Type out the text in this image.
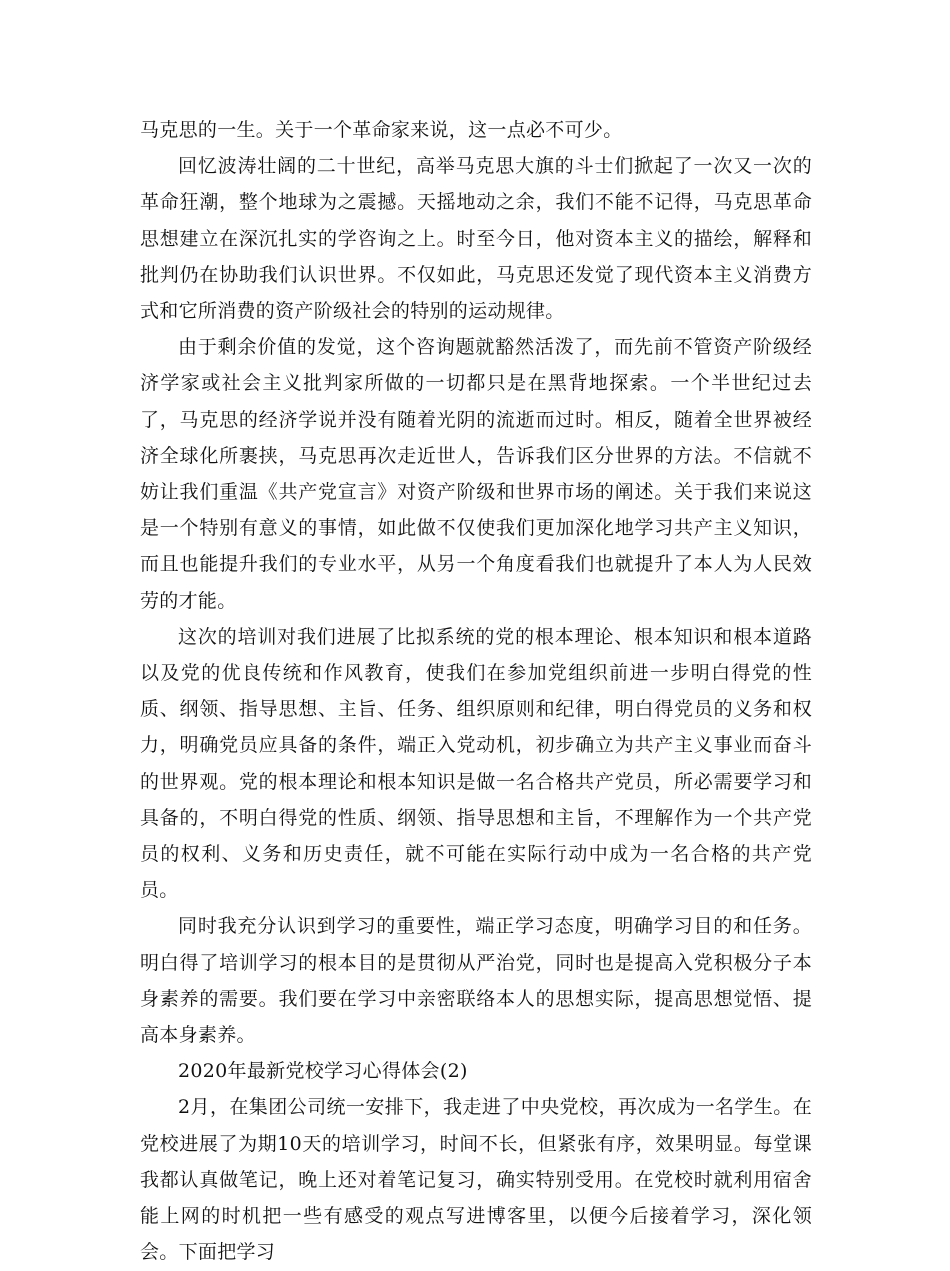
马克思的一生。关于一个革命家来说，这一点必不可少。

回忆波涛壮阔的二十世纪，高举马克思大旗的斗士们掀起了一次又一次的革命狂潮，整个地球为之震撼。天摇地动之余，我们不能不记得，马克思革命思想建立在深沉扎实的学咨询之上。时至今日，他对资本主义的描绘，解释和批判仍在协助我们认识世界。不仅如此，马克思还发觉了现代资本主义消费方式和它所消费的资产阶级社会的特别的运动规律。

由于剩余价值的发觉，这个咨询题就豁然活泼了，而先前不管资产阶级经济学家或社会主义批判家所做的一切都只是在黑背地探索。一个半世纪过去了，马克思的经济学说并没有随着光阴的流逝而过时。相反，随着全世界被经济全球化所裹挟，马克思再次走近世人，告诉我们区分世界的方法。不信就不妨让我们重温《共产党宣言》对资产阶级和世界市场的阐述。关于我们来说这是一个特别有意义的事情，如此做不仅使我们更加深化地学习共产主义知识，而且也能提升我们的专业水平，从另一个角度看我们也就提升了本人为人民效劳的才能。

这次的培训对我们进展了比拟系统的党的根本理论、根本知识和根本道路以及党的优良传统和作风教育，使我们在参加党组织前进一步明白得党的性质、纲领、指导思想、主旨、任务、组织原则和纪律，明白得党员的义务和权力，明确党员应具备的条件，端正入党动机，初步确立为共产主义事业而奋斗的世界观。党的根本理论和根本知识是做一名合格共产党员，所必需要学习和具备的，不明白得党的性质、纲领、指导思想和主旨，不理解作为一个共产党员的权利、义务和历史责任，就不可能在实际行动中成为一名合格的共产党员。

同时我充分认识到学习的重要性，端正学习态度，明确学习目的和任务。明白得了培训学习的根本目的是贯彻从严治党，同时也是提高入党积极分子本身素养的需要。我们要在学习中亲密联络本人的思想实际，提高思想觉悟、提高本身素养。

2020年最新党校学习心得体会(2)

2月，在集团公司统一安排下，我走进了中央党校，再次成为一名学生。在党校进展了为期10天的培训学习，时间不长，但紧张有序，效果明显。每堂课我都认真做笔记，晚上还对着笔记复习，确实特别受用。在党校时就利用宿舍能上网的时机把一些有感受的观点写进博客里，以便今后接着学习，深化领会。下面把学习
